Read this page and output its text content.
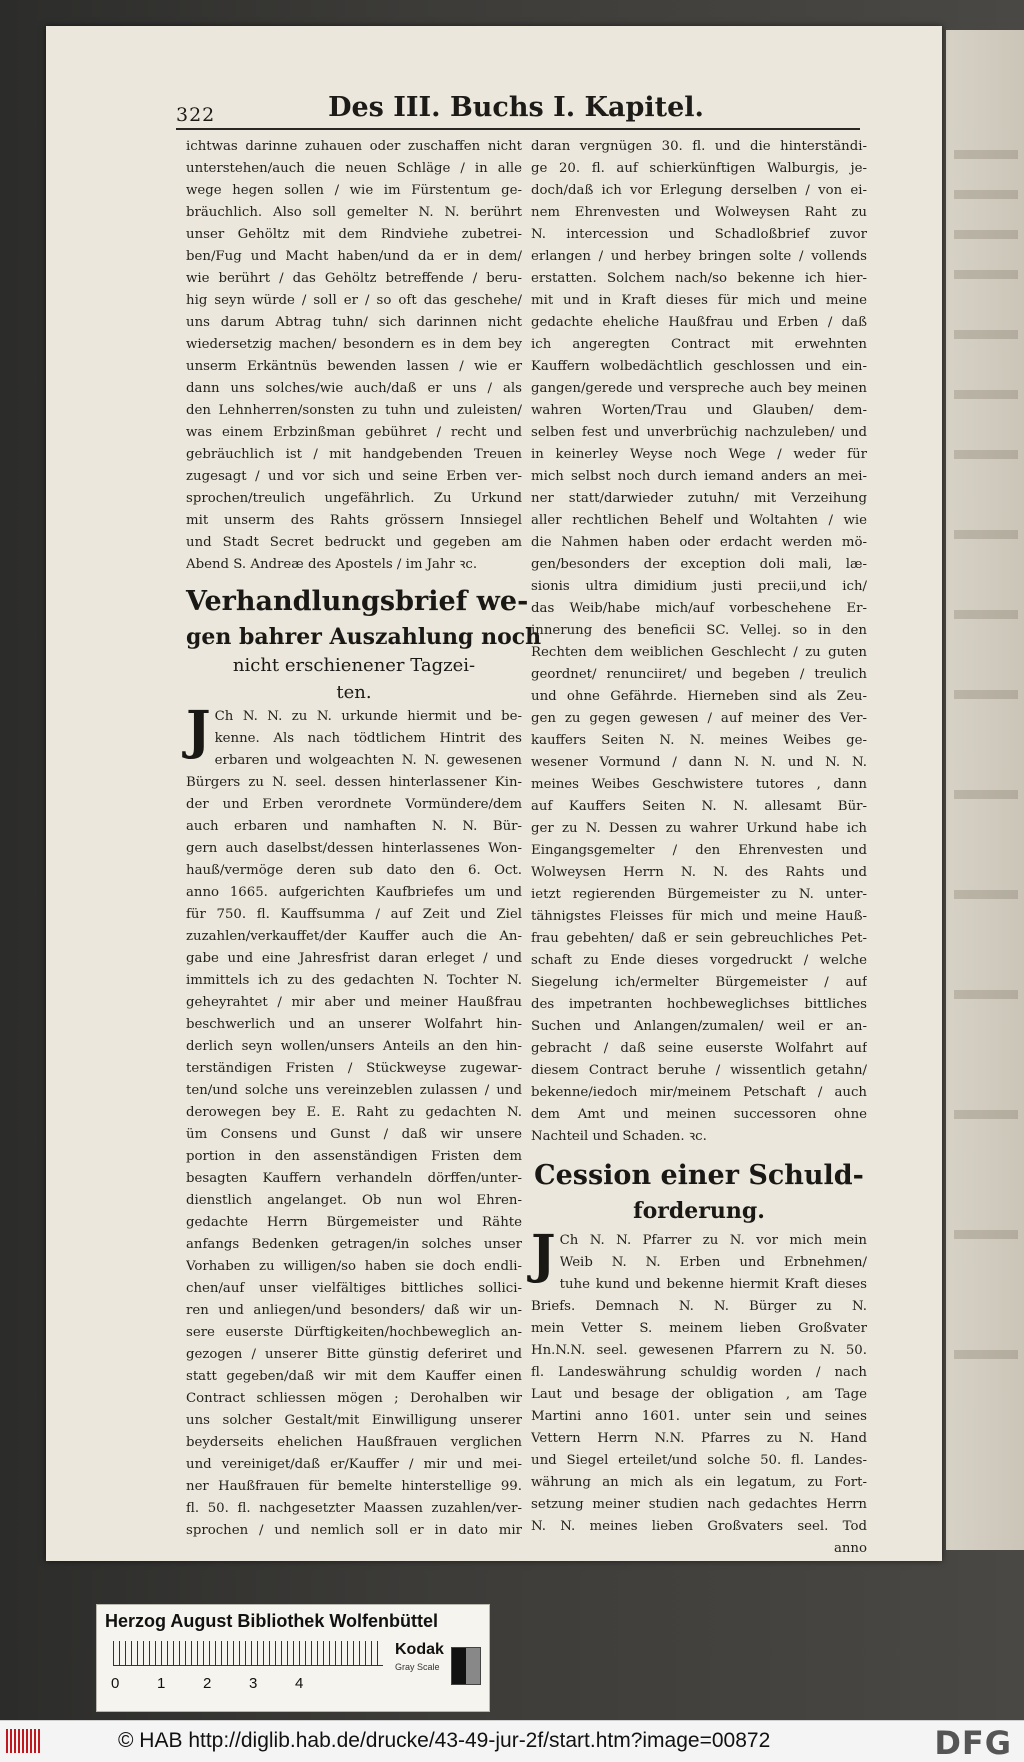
322	Des III. Buchs I. Kapitel.
ichtwas darinne zuhauen oder zuschaffen nicht
unterstehen/auch die neuen Schläge / in alle
wege hegen sollen / wie im Fürstentum ge-
bräuchlich. Also soll gemelter N. N. berührt
unser Gehöltz mit dem Rindviehe zubetrei-
ben/Fug und Macht haben/und da er in dem/
wie berührt / das Gehöltz betreffende / beru-
hig seyn würde / soll er / so oft das geschehe/
uns darum Abtrag tuhn/ sich darinnen nicht
wiedersetzig machen/ besondern es in dem bey
unserm Erkäntnüs bewenden lassen / wie er
dann uns solches/wie auch/daß er uns / als
den Lehnherren/sonsten zu tuhn und zuleisten/
was einem Erbzinßman gebühret / recht und
gebräuchlich ist / mit handgebenden Treuen
zugesagt / und vor sich und seine Erben ver-
sprochen/treulich ungefährlich. Zu Urkund
mit unserm des Rahts grössern Innsiegel
und Stadt Secret bedruckt und gegeben am
Abend S. Andreæ des Apostels / im Jahr ꝛc.
Verhandlungsbrief we-
gen bahrer Auszahlung noch
nicht erschienener Tagzei-
ten.
J Ch N. N. zu N. urkunde hiermit und be-
kenne. Als nach tödtlichem Hintrit des
erbaren und wolgeachten N. N. gewesenen
Bürgers zu N. seel. dessen hinterlassener Kin-
der und Erben verordnete Vormündere/dem
auch erbaren und namhaften N. N. Bür-
gern auch daselbst/dessen hinterlassenes Won-
hauß/vermöge deren sub dato den 6. Oct.
anno 1665. aufgerichten Kaufbriefes um und
für 750. fl. Kauffsumma / auf Zeit und Ziel
zuzahlen/verkauffet/der Kauffer auch die An-
gabe und eine Jahresfrist daran erleget / und
immittels ich zu des gedachten N. Tochter N.
geheyrahtet / mir aber und meiner Haußfrau
beschwerlich und an unserer Wolfahrt hin-
derlich seyn wollen/unsers Anteils an den hin-
terständigen Fristen / Stückweyse zugewar-
ten/und solche uns vereinzeblen zulassen / und
derowegen bey E. E. Raht zu gedachten N.
üm Consens und Gunst / daß wir unsere
portion in den assenständigen Fristen dem
besagten Kauffern verhandeln dörffen/unter-
dienstlich angelanget. Ob nun wol Ehren-
gedachte Herrn Bürgemeister und Rähte
anfangs Bedenken getragen/in solches unser
Vorhaben zu willigen/so haben sie doch endli-
chen/auf unser vielfältiges bittliches sollici-
ren und anliegen/und besonders/ daß wir un-
sere euserste Dürftigkeiten/hochbeweglich an-
gezogen / unserer Bitte günstig deferiret und
statt gegeben/daß wir mit dem Kauffer einen
Contract schliessen mögen ; Derohalben wir
uns solcher Gestalt/mit Einwilligung unserer
beyderseits ehelichen Haußfrauen verglichen
und vereiniget/daß er/Kauffer / mir und mei-
ner Haußfrauen für bemelte hinterstellige 99.
fl. 50. fl. nachgesetzter Maassen zuzahlen/ver-
sprochen / und nemlich soll er in dato mir
daran vergnügen 30. fl. und die hinterständi-
ge 20. fl. auf schierkünftigen Walburgis, je-
doch/daß ich vor Erlegung derselben / von ei-
nem Ehrenvesten und Wolweysen Raht zu
N. intercession und Schadloßbrief zuvor
erlangen / und herbey bringen solte / vollends
erstatten. Solchem nach/so bekenne ich hier-
mit und in Kraft dieses für mich und meine
gedachte eheliche Haußfrau und Erben / daß
ich angeregten Contract mit erwehnten
Kauffern wolbedächtlich geschlossen und ein-
gangen/gerede und verspreche auch bey meinen
wahren Worten/Trau und Glauben/ dem-
selben fest und unverbrüchig nachzuleben/ und
in keinerley Weyse noch Wege / weder für
mich selbst noch durch iemand anders an mei-
ner statt/darwieder zutuhn/ mit Verzeihung
aller rechtlichen Behelf und Woltahten / wie
die Nahmen haben oder erdacht werden mö-
gen/besonders der exception doli mali, læ-
sionis ultra dimidium justi precii,und ich/
das Weib/habe mich/auf vorbeschehene Er-
innerung des beneficii SC. Vellej. so in den
Rechten dem weiblichen Geschlecht / zu guten
geordnet/ renunciiret/ und begeben / treulich
und ohne Gefährde. Hierneben sind als Zeu-
gen zu gegen gewesen / auf meiner des Ver-
kauffers Seiten N. N. meines Weibes ge-
wesener Vormund / dann N. N. und N. N.
meines Weibes Geschwistere tutores , dann
auf Kauffers Seiten N. N. allesamt Bür-
ger zu N. Dessen zu wahrer Urkund habe ich
Eingangsgemelter / den Ehrenvesten und
Wolweysen Herrn N. N. des Rahts und
ietzt regierenden Bürgemeister zu N. unter-
tähnigstes Fleisses für mich und meine Hauß-
frau gebehten/ daß er sein gebreuchliches Pet-
schaft zu Ende dieses vorgedruckt / welche
Siegelung ich/ermelter Bürgemeister / auf
des impetranten hochbeweglichses bittliches
Suchen und Anlangen/zumalen/ weil er an-
gebracht / daß seine euserste Wolfahrt auf
diesem Contract beruhe / wissentlich getahn/
bekenne/iedoch mir/meinem Petschaft / auch
dem Amt und meinen successoren ohne
Nachteil und Schaden. ꝛc.
Cession einer Schuld-
forderung.
J Ch N. N. Pfarrer zu N. vor mich mein
Weib N. N. Erben und Erbnehmen/
tuhe kund und bekenne hiermit Kraft dieses
Briefs. Demnach N. N. Bürger zu N.
mein Vetter S. meinem lieben Großvater
Hn.N.N. seel. gewesenen Pfarrern zu N. 50.
fl. Landeswährung schuldig worden / nach
Laut und besage der obligation , am Tage
Martini anno 1601. unter sein und seines
Vettern Herrn N.N. Pfarres zu N. Hand
und Siegel erteilet/und solche 50. fl. Landes-
währung an mich als ein legatum, zu Fort-
setzung meiner studien nach gedachtes Herrn
N. N. meines lieben Großvaters seel. Tod
anno
Herzog August Bibliothek Wolfenbüttel
0	1	2	3	4
Kodak
Gray Scale
© HAB http://diglib.hab.de/drucke/43-49-jur-2f/start.htm?image=00872	DFG
